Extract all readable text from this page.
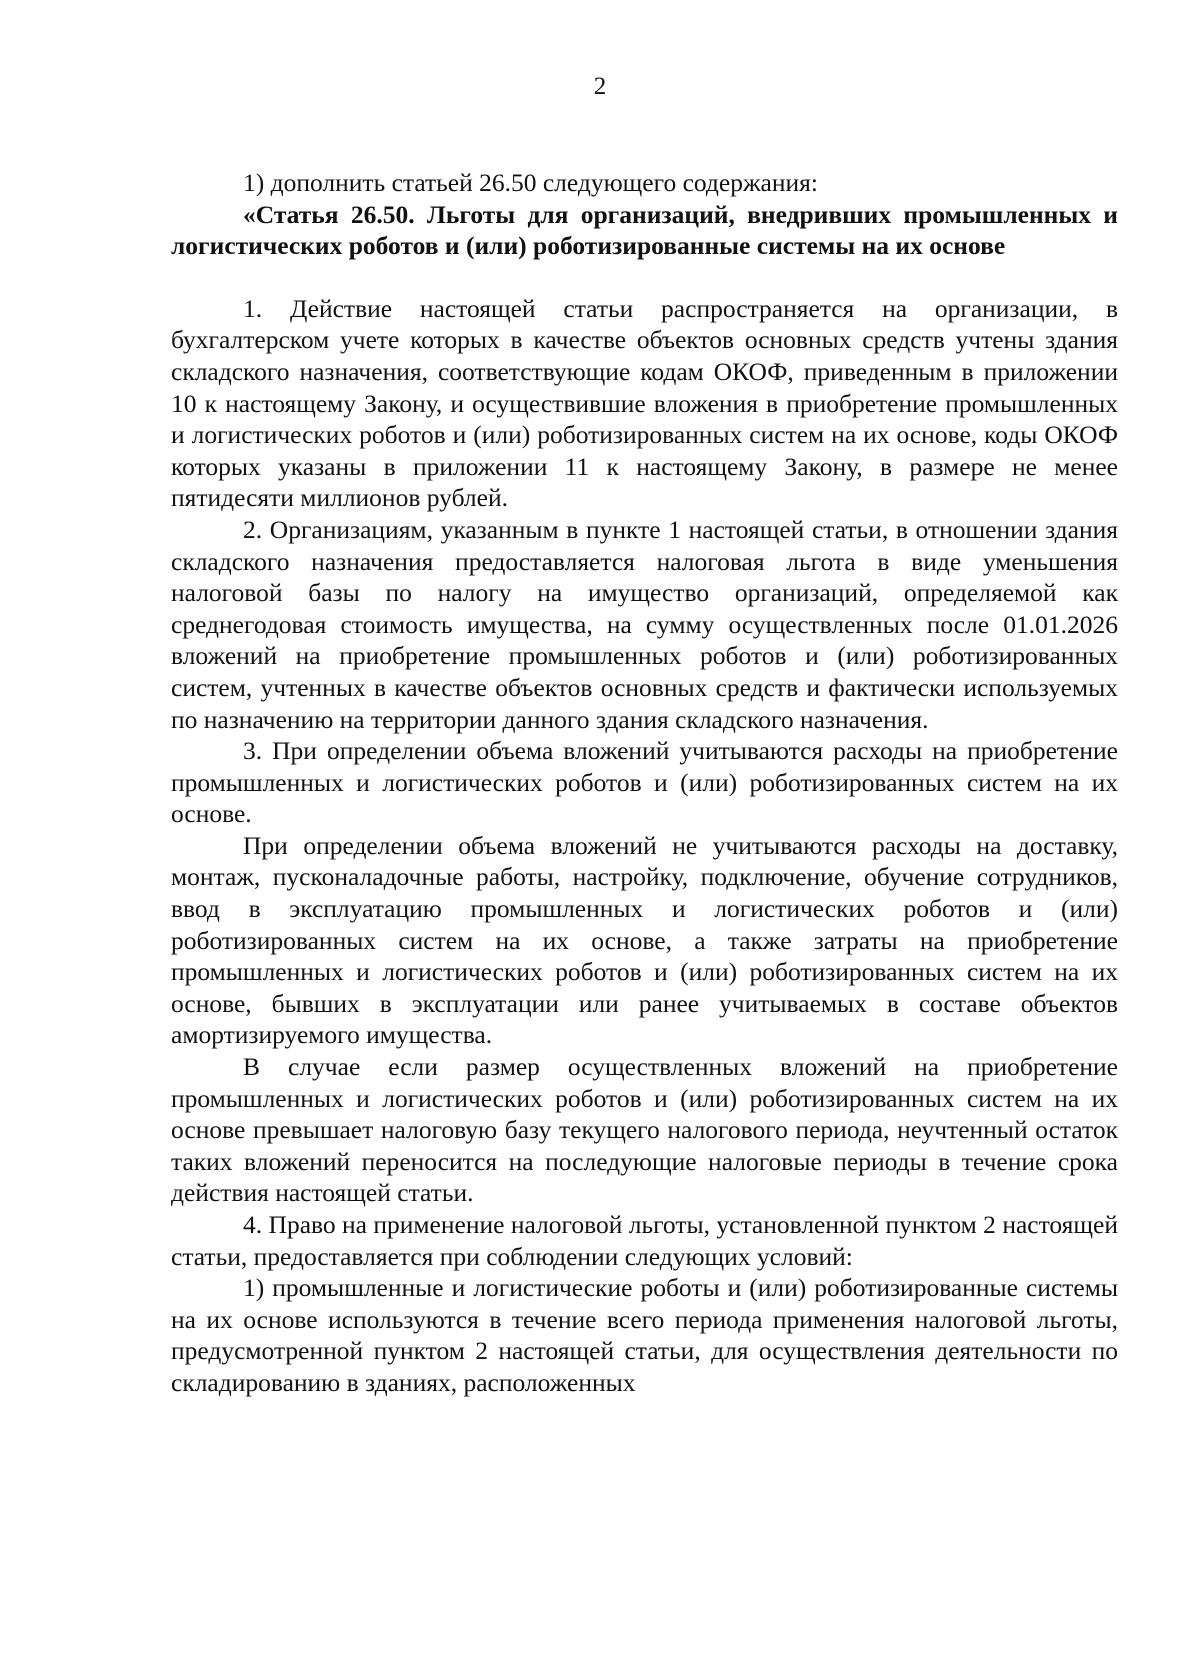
2

1) дополнить статьей 26.50 следующего содержания:

«Статья 26.50. Льготы для организаций, внедривших промышленных и логистических роботов и (или) роботизированные системы на их основе

1. Действие настоящей статьи распространяется на организации, в бухгалтерском учете которых в качестве объектов основных средств учтены здания складского назначения, соответствующие кодам ОКОФ, приведенным в приложении 10 к настоящему Закону, и осуществившие вложения в приобретение промышленных и логистических роботов и (или) роботизированных систем на их основе, коды ОКОФ которых указаны в приложении 11 к настоящему Закону, в размере не менее пятидесяти миллионов рублей.

2. Организациям, указанным в пункте 1 настоящей статьи, в отношении здания складского назначения предоставляется налоговая льгота в виде уменьшения налоговой базы по налогу на имущество организаций, определяемой как среднегодовая стоимость имущества, на сумму осуществленных после 01.01.2026 вложений на приобретение промышленных роботов и (или) роботизированных систем, учтенных в качестве объектов основных средств и фактически используемых по назначению на территории данного здания складского назначения.

3. При определении объема вложений учитываются расходы на приобретение промышленных и логистических роботов и (или) роботизированных систем на их основе.

При определении объема вложений не учитываются расходы на доставку, монтаж, пусконаладочные работы, настройку, подключение, обучение сотрудников, ввод в эксплуатацию промышленных и логистических роботов и (или) роботизированных систем на их основе, а также затраты на приобретение промышленных и логистических роботов и (или) роботизированных систем на их основе, бывших в эксплуатации или ранее учитываемых в составе объектов амортизируемого имущества.

В случае если размер осуществленных вложений на приобретение промышленных и логистических роботов и (или) роботизированных систем на их основе превышает налоговую базу текущего налогового периода, неучтенный остаток таких вложений переносится на последующие налоговые периоды в течение срока действия настоящей статьи.

4. Право на применение налоговой льготы, установленной пунктом 2 настоящей статьи, предоставляется при соблюдении следующих условий:

1) промышленные и логистические роботы и (или) роботизированные системы на их основе используются в течение всего периода применения налоговой льготы, предусмотренной пунктом 2 настоящей статьи, для осуществления деятельности по складированию в зданиях, расположенных
